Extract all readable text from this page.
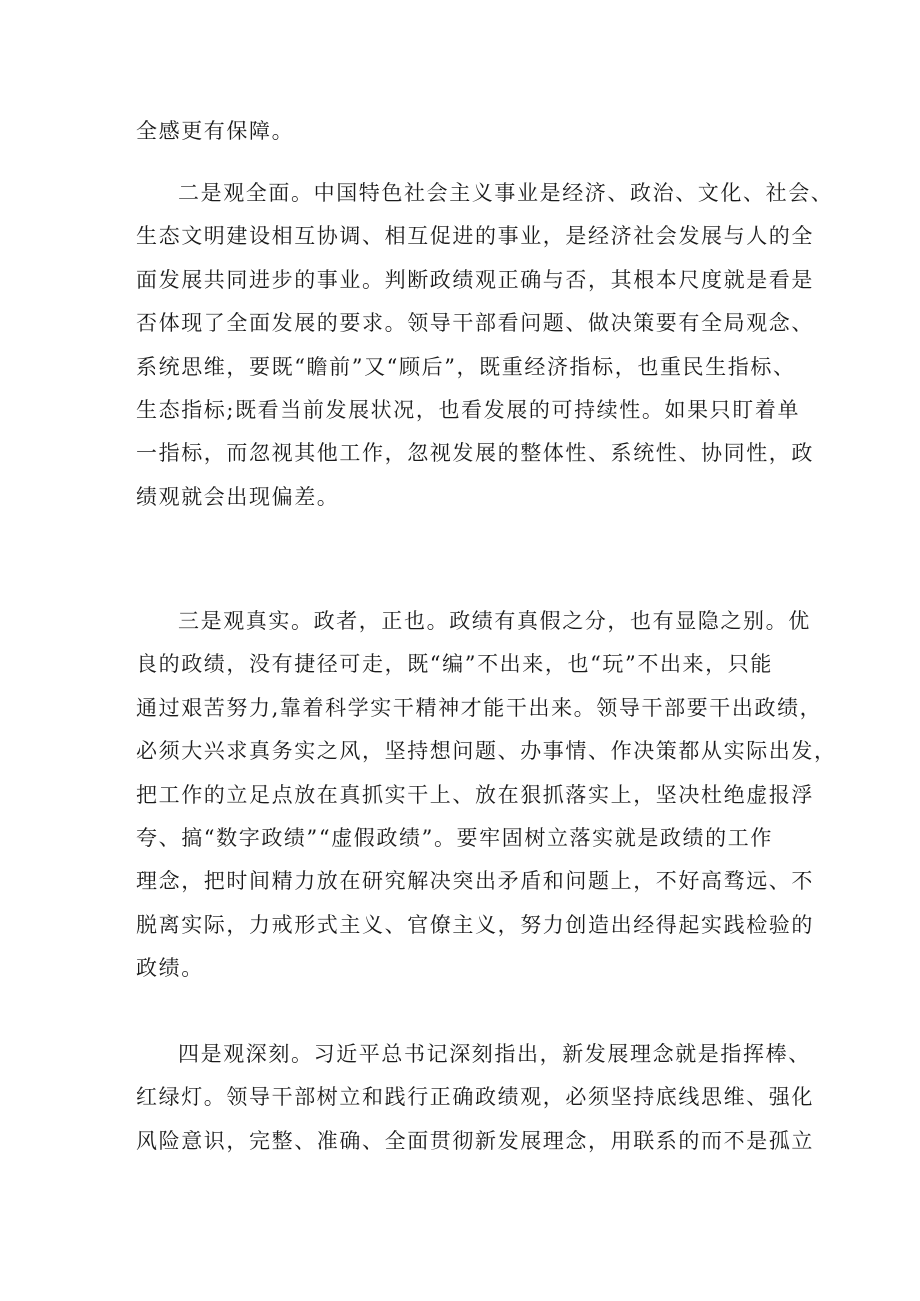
全感更有保障。
二是观全面。中国特色社会主义事业是经济、政治、文化、社会、
生态文明建设相互协调、相互促进的事业，是经济社会发展与人的全
面发展共同进步的事业。判断政绩观正确与否，其根本尺度就是看是
否体现了全面发展的要求。领导干部看问题、做决策要有全局观念、
系统思维，要既“瞻前”又“顾后”，既重经济指标，也重民生指标、
生态指标;既看当前发展状况，也看发展的可持续性。如果只盯着单
一指标，而忽视其他工作，忽视发展的整体性、系统性、协同性，政
绩观就会出现偏差。
三是观真实。政者，正也。政绩有真假之分，也有显隐之别。优
良的政绩，没有捷径可走，既“编”不出来，也“玩”不出来，只能
通过艰苦努力,靠着科学实干精神才能干出来。领导干部要干出政绩，
必须大兴求真务实之风，坚持想问题、办事情、作决策都从实际出发，
把工作的立足点放在真抓实干上、放在狠抓落实上，坚决杜绝虚报浮
夸、搞“数字政绩”“虚假政绩”。要牢固树立落实就是政绩的工作
理念，把时间精力放在研究解决突出矛盾和问题上，不好高骛远、不
脱离实际，力戒形式主义、官僚主义，努力创造出经得起实践检验的
政绩。
四是观深刻。习近平总书记深刻指出，新发展理念就是指挥棒、
红绿灯。领导干部树立和践行正确政绩观，必须坚持底线思维、强化
风险意识，完整、准确、全面贯彻新发展理念，用联系的而不是孤立
